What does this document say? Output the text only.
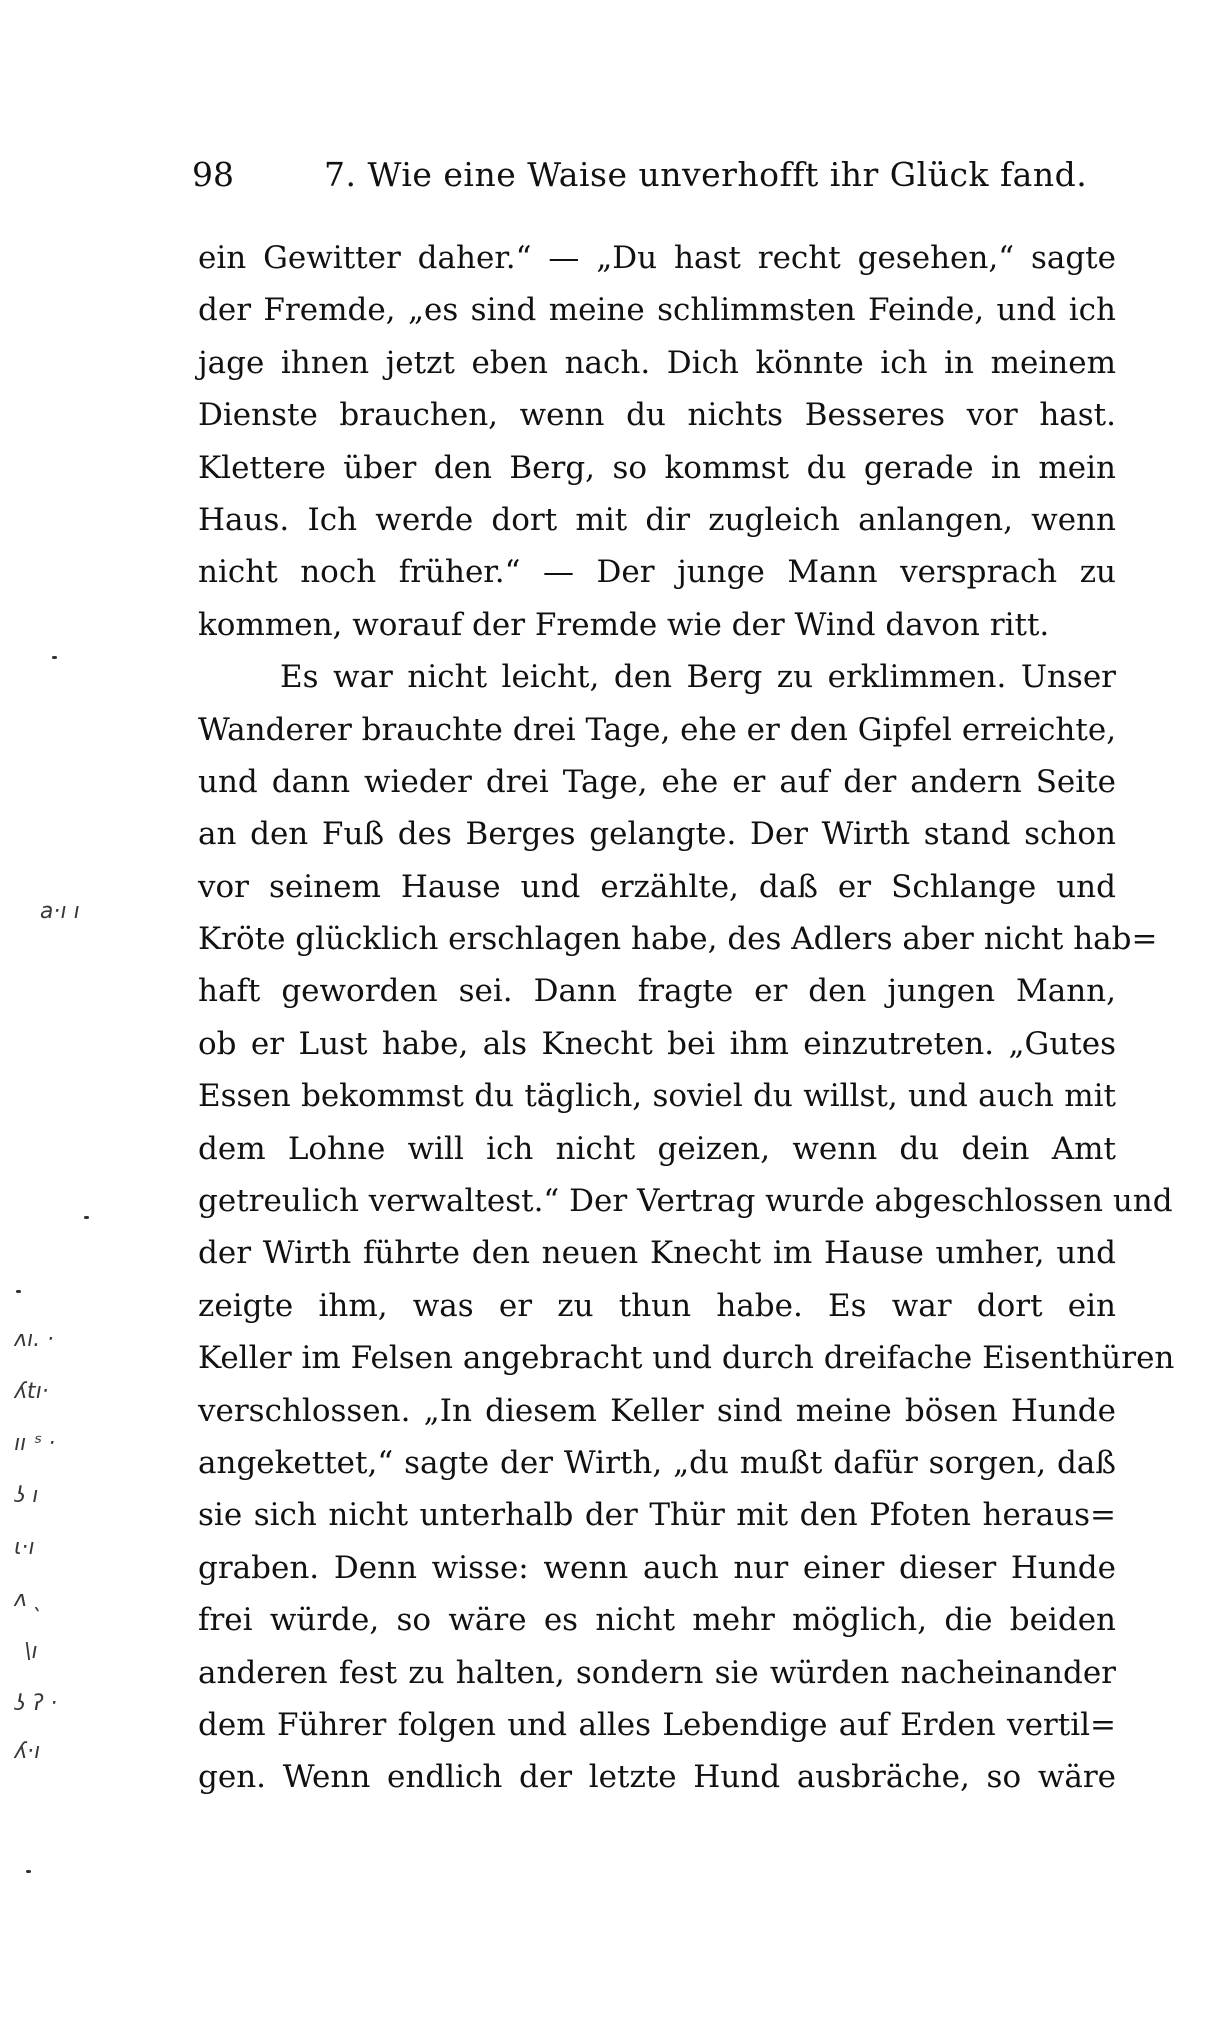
98	7. Wie eine Waise unverhofft ihr Glück fand.
ein Gewitter daher.“ — „Du hast recht gesehen,“ sagte
der Fremde, „es sind meine schlimmsten Feinde, und ich
jage ihnen jetzt eben nach. Dich könnte ich in meinem
Dienste brauchen, wenn du nichts Besseres vor hast.
Klettere über den Berg, so kommst du gerade in mein
Haus. Ich werde dort mit dir zugleich anlangen, wenn
nicht noch früher.“ — Der junge Mann versprach zu
kommen, worauf der Fremde wie der Wind davon ritt.
Es war nicht leicht, den Berg zu erklimmen. Unser
Wanderer brauchte drei Tage, ehe er den Gipfel erreichte,
und dann wieder drei Tage, ehe er auf der andern Seite
an den Fuß des Berges gelangte. Der Wirth stand schon
vor seinem Hause und erzählte, daß er Schlange und
Kröte glücklich erschlagen habe, des Adlers aber nicht hab=
haft geworden sei. Dann fragte er den jungen Mann,
ob er Lust habe, als Knecht bei ihm einzutreten. „Gutes
Essen bekommst du täglich, soviel du willst, und auch mit
dem Lohne will ich nicht geizen, wenn du dein Amt
getreulich verwaltest.“ Der Vertrag wurde abgeschlossen und
der Wirth führte den neuen Knecht im Hause umher, und
zeigte ihm, was er zu thun habe. Es war dort ein
Keller im Felsen angebracht und durch dreifache Eisenthüren
verschlossen. „In diesem Keller sind meine bösen Hunde
angekettet,“ sagte der Wirth, „du mußt dafür sorgen, daß
sie sich nicht unterhalb der Thür mit den Pfoten heraus=
graben. Denn wisse: wenn auch nur einer dieser Hunde
frei würde, so wäre es nicht mehr möglich, die beiden
anderen fest zu halten, sondern sie würden nacheinander
dem Führer folgen und alles Lebendige auf Erden vertil=
gen. Wenn endlich der letzte Hund ausbräche, so wäre
a·ı ı
ʌı. ·
ʎtı·
ıı ˢ ·
ʖ ı
ɩ·ı
ʌ ˎ
\ı
ʖ ʔ ·
ʎ·ı
